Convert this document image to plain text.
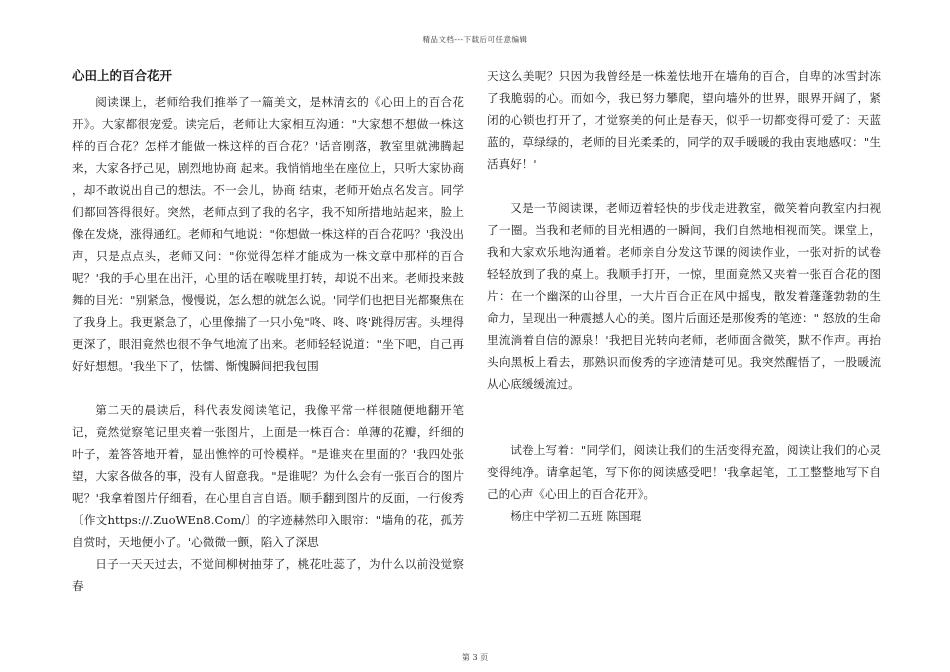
精品文档---下载后可任意编辑
心田上的百合花开

阅读课上，老师给我们推举了一篇美文，是林清玄的《心田上的百合花开》。大家都很宠爱。读完后，老师让大家相互沟通："大家想不想做一株这样的百合花？怎样才能做一株这样的百合花？'话音刚落，教室里就沸腾起来，大家各抒己见，剧烈地协商 起来。我悄悄地坐在座位上，只听大家协商 ，却不敢说出自己的想法。不一会儿，协商 结束，老师开始点名发言。同学们都回答得很好。突然，老师点到了我的名字，我不知所措地站起来，脸上像在发烧，涨得通红。老师和气地说："你想做一株这样的百合花吗？'我没出声，只是点点头，老师又问："你觉得怎样才能成为一株文章中那样的百合呢？'我的手心里在出汗，心里的话在喉咙里打转，却说不出来。老师投来鼓舞的目光："别紧急，慢慢说，怎么想的就怎么说。'同学们也把目光都聚焦在了我身上。我更紧急了，心里像揣了一只小兔"咚、咚、咚'跳得厉害。头埋得更深了，眼泪竟然也很不争气地流了出来。老师轻轻说道："坐下吧，自己再好好想想。'我坐下了，怯懦、惭愧瞬间把我包围

第二天的晨读后，科代表发阅读笔记，我像平常一样很随便地翻开笔记，竟然觉察笔记里夹着一张图片，上面是一株百合：单薄的花瓣，纤细的叶子，羞答答地开着，显出憔悴的可怜模样。"是谁夹在里面的？'我四处张望，大家各做各的事，没有人留意我。"是谁呢？为什么会有一张百合的图片呢？'我拿着图片仔细看，在心里自言自语。顺手翻到图片的反面，一行俊秀〔作文https://.ZuoWEn8.Com/〕的字迹赫然印入眼帘："墙角的花，孤芳自赏时，天地便小了。'心微微一颤，陷入了深思

日子一天天过去，不觉间柳树抽芽了，桃花吐蕊了，为什么以前没觉察春

天这么美呢？只因为我曾经是一株羞怯地开在墙角的百合，自卑的冰雪封冻了我脆弱的心。而如今，我已努力攀爬，望向墙外的世界，眼界开阔了，紧闭的心锁也打开了，才觉察美的何止是春天，似乎一切都变得可爱了：天蓝蓝的，草绿绿的，老师的目光柔柔的，同学的双手暖暖的我由衷地感叹："生活真好！'

又是一节阅读课，老师迈着轻快的步伐走进教室，微笑着向教室内扫视了一圈。当我和老师的目光相遇的一瞬间，我们自然地相视而笑。课堂上，我和大家欢乐地沟通着。老师亲自分发这节课的阅读作业，一张对折的试卷轻轻放到了我的桌上。我顺手打开，一惊，里面竟然又夹着一张百合花的图片：在一个幽深的山谷里，一大片百合正在风中摇曳，散发着蓬蓬勃勃的生命力，呈现出一种震撼人心的美。图片后面还是那俊秀的笔迹：" 怒放的生命里流淌着自信的源泉！'我把目光转向老师，老师面含微笑，默不作声。再抬头向黑板上看去，那熟识而俊秀的字迹清楚可见。我突然醒悟了，一股暖流从心底缓缓流过。

试卷上写着："同学们，阅读让我们的生活变得充盈，阅读让我们的心灵变得纯净。请拿起笔，写下你的阅读感受吧！'我拿起笔，工工整整地写下自己的心声《心田上的百合花开》。

杨庄中学初二五班 陈国琨

第 3 页
